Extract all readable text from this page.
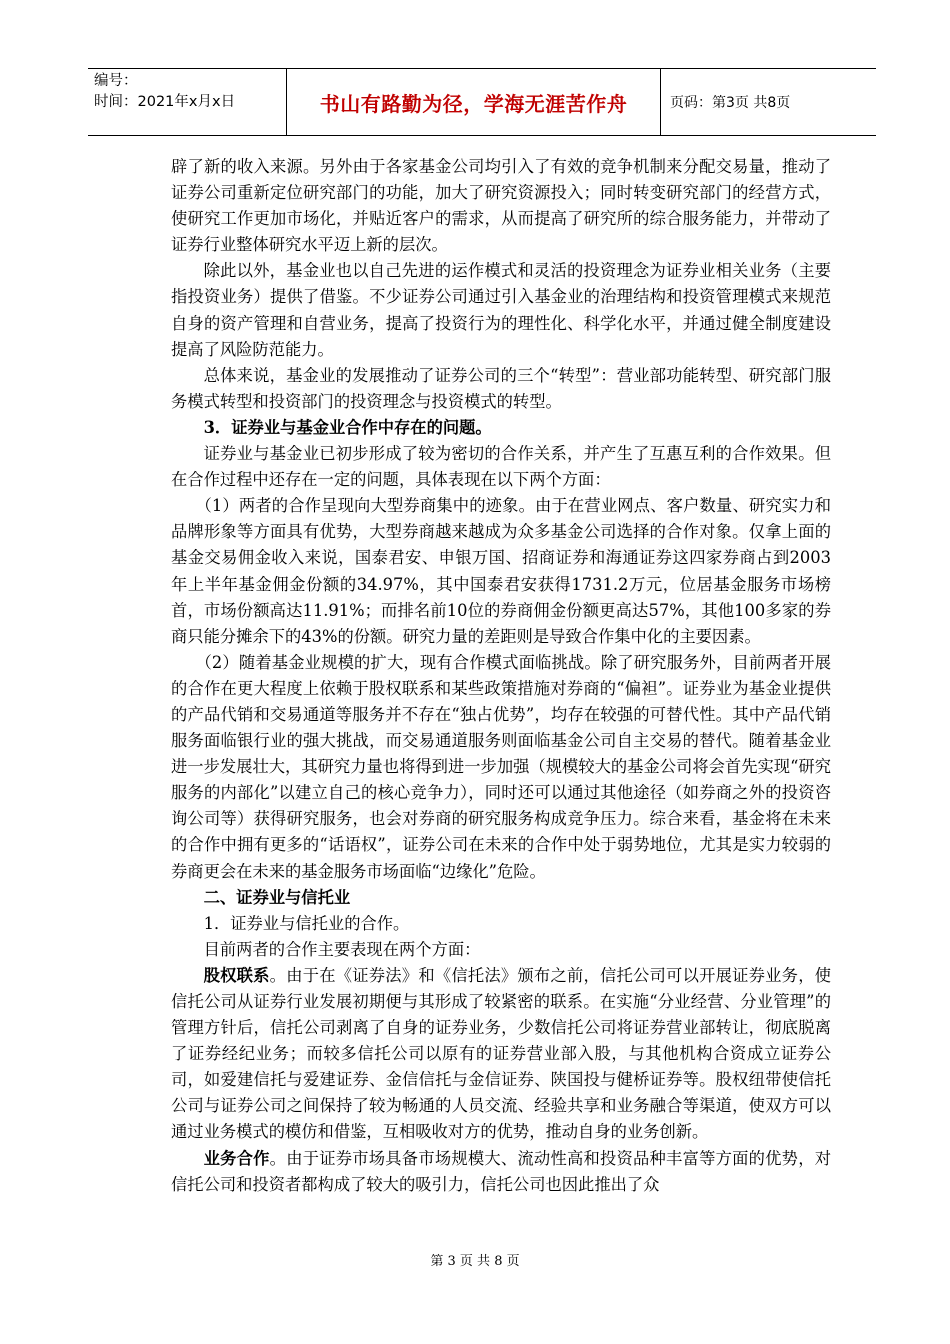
编号：
时间：2021年x月x日	书山有路勤为径，学海无涯苦作舟	页码：第3页 共8页

辟了新的收入来源。另外由于各家基金公司均引入了有效的竞争机制来分配交易量，推动了证券公司重新定位研究部门的功能，加大了研究资源投入；同时转变研究部门的经营方式，使研究工作更加市场化，并贴近客户的需求，从而提高了研究所的综合服务能力，并带动了证券行业整体研究水平迈上新的层次。

除此以外，基金业也以自己先进的运作模式和灵活的投资理念为证券业相关业务（主要指投资业务）提供了借鉴。不少证券公司通过引入基金业的治理结构和投资管理模式来规范自身的资产管理和自营业务，提高了投资行为的理性化、科学化水平，并通过健全制度建设提高了风险防范能力。

总体来说，基金业的发展推动了证券公司的三个“转型”：营业部功能转型、研究部门服务模式转型和投资部门的投资理念与投资模式的转型。

3．证券业与基金业合作中存在的问题。

证券业与基金业已初步形成了较为密切的合作关系，并产生了互惠互利的合作效果。但在合作过程中还存在一定的问题，具体表现在以下两个方面：

（1）两者的合作呈现向大型券商集中的迹象。由于在营业网点、客户数量、研究实力和品牌形象等方面具有优势，大型券商越来越成为众多基金公司选择的合作对象。仅拿上面的基金交易佣金收入来说，国泰君安、申银万国、招商证券和海通证券这四家券商占到2003年上半年基金佣金份额的34.97%，其中国泰君安获得1731.2万元，位居基金服务市场榜首，市场份额高达11.91%；而排名前10位的券商佣金份额更高达57%，其他100多家的券商只能分摊余下的43%的份额。研究力量的差距则是导致合作集中化的主要因素。

（2）随着基金业规模的扩大，现有合作模式面临挑战。除了研究服务外，目前两者开展的合作在更大程度上依赖于股权联系和某些政策措施对券商的“偏袒”。证券业为基金业提供的产品代销和交易通道等服务并不存在“独占优势”，均存在较强的可替代性。其中产品代销服务面临银行业的强大挑战，而交易通道服务则面临基金公司自主交易的替代。随着基金业进一步发展壮大，其研究力量也将得到进一步加强（规模较大的基金公司将会首先实现“研究服务的内部化”以建立自己的核心竞争力），同时还可以通过其他途径（如券商之外的投资咨询公司等）获得研究服务，也会对券商的研究服务构成竞争压力。综合来看，基金将在未来的合作中拥有更多的“话语权”，证券公司在未来的合作中处于弱势地位，尤其是实力较弱的券商更会在未来的基金服务市场面临“边缘化”危险。

二、证券业与信托业

1．证券业与信托业的合作。

目前两者的合作主要表现在两个方面：

股权联系。由于在《证券法》和《信托法》颁布之前，信托公司可以开展证券业务，使信托公司从证券行业发展初期便与其形成了较紧密的联系。在实施“分业经营、分业管理”的管理方针后，信托公司剥离了自身的证券业务，少数信托公司将证券营业部转让，彻底脱离了证券经纪业务；而较多信托公司以原有的证券营业部入股，与其他机构合资成立证券公司，如爱建信托与爱建证券、金信信托与金信证券、陕国投与健桥证券等。股权纽带使信托公司与证券公司之间保持了较为畅通的人员交流、经验共享和业务融合等渠道，使双方可以通过业务模式的模仿和借鉴，互相吸收对方的优势，推动自身的业务创新。

业务合作。由于证券市场具备市场规模大、流动性高和投资品种丰富等方面的优势，对信托公司和投资者都构成了较大的吸引力，信托公司也因此推出了众

第 3 页 共 8 页
